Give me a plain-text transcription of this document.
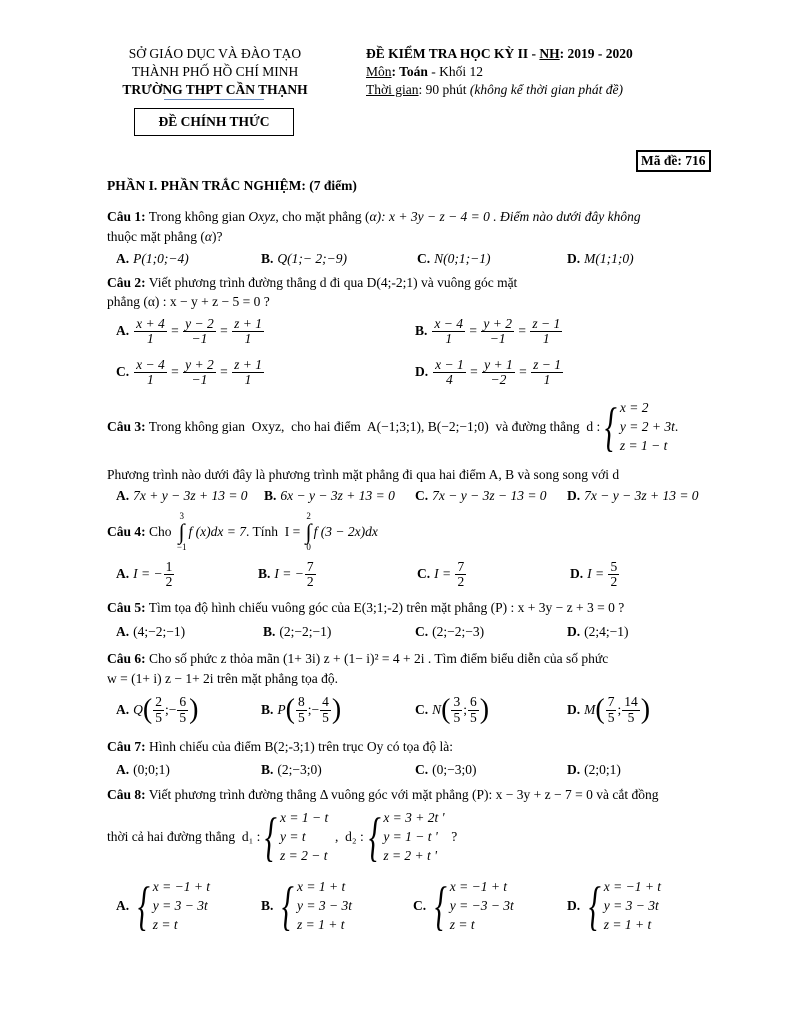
SỞ GIÁO DỤC VÀ ĐÀO TẠO
THÀNH PHỐ HỒ CHÍ MINH
TRƯỜNG THPT CẦN THẠNH
ĐỀ CHÍNH THỨC
ĐỀ KIỂM TRA HỌC KỲ II - NH: 2019 - 2020
Môn: Toán - Khối 12
Thời gian: 90 phút (không kể thời gian phát đề)
Mã đề: 716
PHẦN I. PHẦN TRẮC NGHIỆM: (7 điểm)
Câu 1: Trong không gian Oxyz, cho mặt phẳng (α): x + 3y − z − 4 = 0 . Điểm nào dưới đây không
thuộc mặt phẳng (α)?
A. P(1;0;−4)	B. Q(1;− 2;−9)	C. N(0;1;−1)	D. M(1;1;0)
Câu 2: Viết phương trình đường thẳng d đi qua D(4;-2;1) và vuông góc mặt
phẳng (α) : x − y + z − 5 = 0 ?
A. $\frac{x + 4}{1} = \frac{y - 2}{-1} = \frac{z + 1}{1}$	B. $\frac{x - 4}{1} = \frac{y + 2}{-1} = \frac{z - 1}{1}$
C. $\frac{x - 4}{1} = \frac{y + 2}{-1} = \frac{z + 1}{1}$	D. $\frac{x - 1}{4} = \frac{y + 1}{-2} = \frac{z - 1}{1}$
Câu 3: Trong không gian  Oxyz,  cho hai điểm  A(−1;3;1), B(−2;−1;0)  và đường thẳng  d : { x = 2
y = 2 + 3t
z = 1 − t
.
Phương trình nào dưới đây là phương trình mặt phẳng đi qua hai điểm A, B và song song với d
A. 7x + y − 3z + 13 = 0 B. 6x − y − 3z + 13 = 0 C. 7x − y − 3z − 13 = 0 D. 7x − y − 3z + 13 = 0
Câu 4: Cho
3
∫
−1
f (x)dx = 7 . Tính  I =
2
∫
0
f (3 − 2x)dx
A. I = − $\frac{1}{2}$	B. I = − $\frac{7}{2}$	C. $I = \frac{7}{2}$	D. $I = \frac{5}{2}$
Câu 5: Tìm tọa độ hình chiếu vuông góc của E(3;1;-2) trên mặt phẳng (P) : x + 3y − z + 3 = 0 ?
A. (4;−2;−1)	B. (2;−2;−1)	C. (2;−2;−3)	D. (2;4;−1)
Câu 6: Cho số phức z thỏa mãn (1+ 3i) z + (1− i)² = 4 + 2i . Tìm điểm biểu diễn của số phức
w = (1+ i) z − 1+ 2i trên mặt phẳng tọa độ.
A. Q ( $\frac{2}{5}$ ; − $\frac{6}{5}$ )	B. P ( $\frac{8}{5}$ ; − $\frac{4}{5}$ )	C. N ( $\frac{3}{5}$ ; $\frac{6}{5}$ )	D. M ( $\frac{7}{5}$ ; $\frac{14}{5}$ )
Câu 7: Hình chiếu của điểm B(2;-3;1) trên trục Oy có tọa độ là:
A. (0;0;1)	B. (2;−3;0)	C. (0;−3;0)	D. (2;0;1)
Câu 8: Viết phương trình đường thẳng Δ vuông góc với mặt phẳng (P): x − 3y + z − 7 = 0 và cắt đồng
thời cả hai đường thẳng  d₁ : { x = 1 − t
y = t
z = 2 − t
,  d₂ : { x = 3 + 2t '
y = 1 − t '
z = 2 + t '
?
A. { x = −1 + t
y = 3 − 3t
z = t
B. { x = 1 + t
y = 3 − 3t
z = 1 + t
C. { x = −1 + t
y = −3 − 3t
z = t
D. { x = −1 + t
y = 3 − 3t
z = 1 + t
